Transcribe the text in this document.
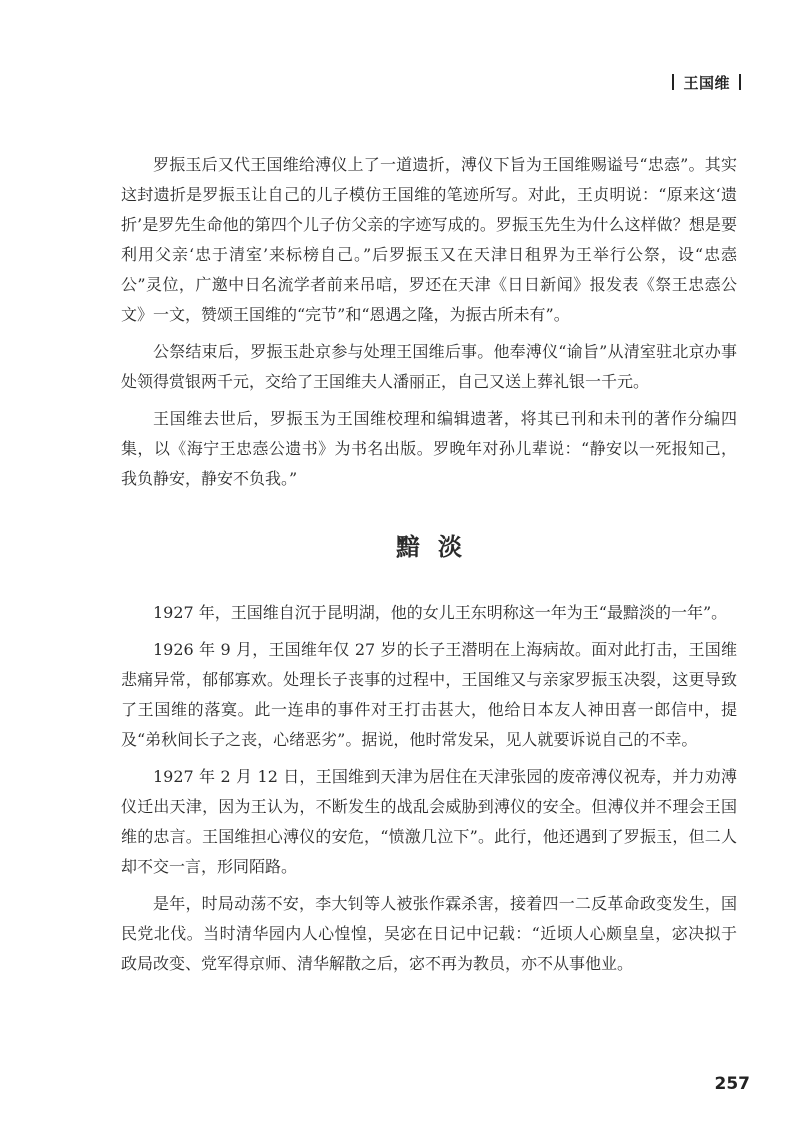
王国维

罗振玉后又代王国维给溥仪上了一道遗折，溥仪下旨为王国维赐谥号“忠悫”。其实这封遗折是罗振玉让自己的儿子模仿王国维的笔迹所写。对此，王贞明说：“原来这‘遗折’是罗先生命他的第四个儿子仿父亲的字迹写成的。罗振玉先生为什么这样做？想是要利用父亲‘忠于清室’来标榜自己。”后罗振玉又在天津日租界为王举行公祭，设“忠悫公”灵位，广邀中日名流学者前来吊唁，罗还在天津《日日新闻》报发表《祭王忠悫公文》一文，赞颂王国维的“完节”和“恩遇之隆，为振古所未有”。

公祭结束后，罗振玉赴京参与处理王国维后事。他奉溥仪“谕旨”从清室驻北京办事处领得赏银两千元，交给了王国维夫人潘丽正，自己又送上葬礼银一千元。

王国维去世后，罗振玉为王国维校理和编辑遗著，将其已刊和未刊的著作分编四集，以《海宁王忠悫公遗书》为书名出版。罗晚年对孙儿辈说：“静安以一死报知己，我负静安，静安不负我。”

黯淡

1927 年，王国维自沉于昆明湖，他的女儿王东明称这一年为王“最黯淡的一年”。

1926 年 9 月，王国维年仅 27 岁的长子王潜明在上海病故。面对此打击，王国维悲痛异常，郁郁寡欢。处理长子丧事的过程中，王国维又与亲家罗振玉决裂，这更导致了王国维的落寞。此一连串的事件对王打击甚大，他给日本友人神田喜一郎信中，提及“弟秋间长子之丧，心绪恶劣”。据说，他时常发呆，见人就要诉说自己的不幸。

1927 年 2 月 12 日，王国维到天津为居住在天津张园的废帝溥仪祝寿，并力劝溥仪迁出天津，因为王认为，不断发生的战乱会威胁到溥仪的安全。但溥仪并不理会王国维的忠言。王国维担心溥仪的安危，“愤激几泣下”。此行，他还遇到了罗振玉，但二人却不交一言，形同陌路。

是年，时局动荡不安，李大钊等人被张作霖杀害，接着四一二反革命政变发生，国民党北伐。当时清华园内人心惶惶，吴宓在日记中记载：“近顷人心颇皇皇，宓决拟于政局改变、党军得京师、清华解散之后，宓不再为教员，亦不从事他业。

257
